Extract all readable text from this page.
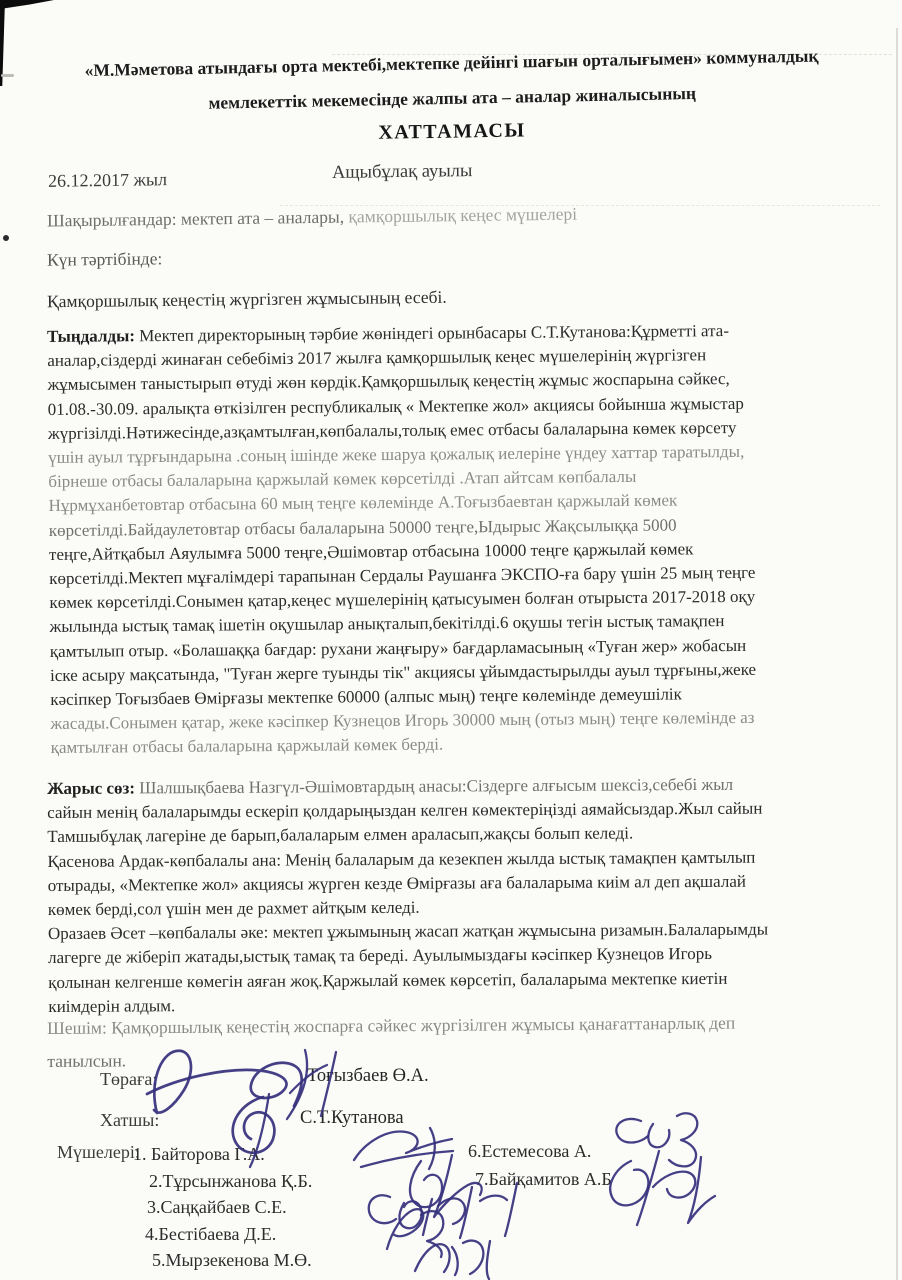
«М.Мәметова атындағы орта мектебі,мектепке дейінгі шағын орталығымен» коммуналдық
мемлекеттік мекемесінде жалпы ата – аналар жиналысының
ХАТТАМАСЫ
26.12.2017 жыл	Ащыбұлақ ауылы
Шақырылғандар: мектеп ата – аналары, қамқоршылық кеңес мүшелері
Күн тәртібінде:
Қамқоршылық кеңестің жүргізген жұмысының есебі.
Тыңдалды: Мектеп директорының тәрбие жөніндегі орынбасары С.Т.Кутанова:Құрметті ата-
аналар,сіздерді жинаған себебіміз 2017 жылға қамқоршылық кеңес мүшелерінің жүргізген
жұмысымен таныстырып өтуді жөн көрдік.Қамқоршылық кеңестің жұмыс жоспарына сәйкес,
01.08.-30.09. аралықта өткізілген республикалық « Мектепке жол» акциясы бойынша жұмыстар
жүргізілді.Нәтижесінде,азқамтылған,көпбалалы,толық емес отбасы балаларына көмек көрсету
үшін ауыл тұрғындарына .соның ішінде жеке шаруа қожалық иелеріне үндеу хаттар таратылды,
бірнеше отбасы балаларына қаржылай көмек көрсетілді .Атап айтсам көпбалалы
Нұрмұханбетовтар отбасына 60 мың теңге көлемінде А.Тоғызбаевтан қаржылай көмек
көрсетілді.Байдаулетовтар отбасы балаларына 50000 теңге,Ыдырыс Жақсылыққа 5000
теңге,Айтқабыл Аяулымға 5000 теңге,Әшімовтар отбасына 10000 теңге қаржылай көмек
көрсетілді.Мектеп мұғалімдері тарапынан Сердалы Раушанға ЭКСПО-ға бару үшін 25 мың теңге
көмек көрсетілді.Сонымен қатар,кеңес мүшелерінің қатысуымен болған отырыста 2017-2018 оқу
жылында ыстық тамақ ішетін оқушылар анықталып,бекітілді.6 оқушы тегін ыстық тамақпен
қамтылып отыр. «Болашаққа бағдар: рухани жаңғыру» бағдарламасының «Туған жер» жобасын
іске асыру мақсатында, "Туған жерге туынды тік" акциясы ұйымдастырылды ауыл тұрғыны,жеке
кәсіпкер Тоғызбаев Өмірғазы мектепке 60000 (алпыс мың) теңге көлемінде демеушілік
жасады.Сонымен қатар, жеке кәсіпкер Кузнецов Игорь 30000 мың (отыз мың) теңге көлемінде аз
қамтылған отбасы балаларына қаржылай көмек берді.
Жарыс сөз: Шалшықбаева Назгүл-Әшімовтардың анасы:Сіздерге алғысым шексіз,себебі жыл
сайын менің балаларымды ескеріп қолдарыңыздан келген көмектеріңізді аямайсыздар.Жыл сайын
Тамшыбұлақ лагеріне де барып,балаларым елмен араласып,жақсы болып келеді.
Қасенова Ардак-көпбалалы ана: Менің балаларым да кезекпен жылда ыстық тамақпен қамтылып
отырады, «Мектепке жол» акциясы жүрген кезде Өмірғазы аға балаларыма киім ал деп ақшалай
көмек берді,сол үшін мен де рахмет айтқым келеді.
Оразаев Әсет –көпбалалы әке: мектеп ұжымының жасап жатқан жұмысына ризамын.Балаларымды
лагерге де жіберіп жатады,ыстық тамақ та береді. Ауылымыздағы кәсіпкер Кузнецов Игорь
қолынан келгенше көмегін аяған жоқ.Қаржылай көмек көрсетіп, балаларыма мектепке киетін
киімдерін алдым.
Шешім: Қамқоршылық кеңестің жоспарға сәйкес жүргізілген жұмысы қанағаттанарлық деп
танылсын.
Төраға:	Тоғызбаев Ө.А.
Хатшы:	С.Т.Кутанова
Мүшелері:
1. Байторова Г.А.
2.Тұрсынжанова Қ.Б.
3.Саңқайбаев С.Е.
4.Бестібаева Д.Е.
5.Мырзекенова М.Ө.
6.Естемесова А.
7.Байқамитов А.Б
